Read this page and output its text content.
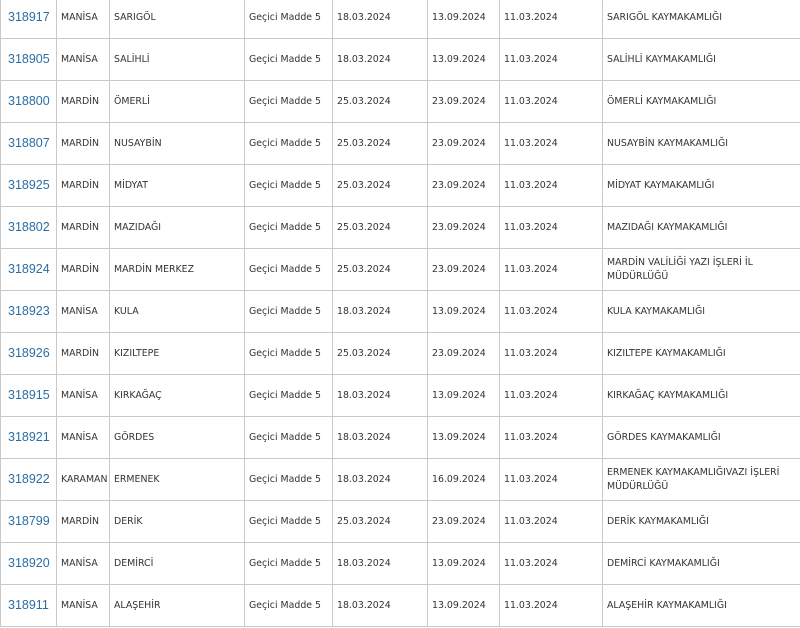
318917	MANİSA	SARIGÖL	Geçici Madde 5	18.03.2024	13.09.2024	11.03.2024	SARIGÖL KAYMAKAMLIĞI
318905	MANİSA	SALİHLİ	Geçici Madde 5	18.03.2024	13.09.2024	11.03.2024	SALİHLİ KAYMAKAMLIĞI
318800	MARDİN	ÖMERLİ	Geçici Madde 5	25.03.2024	23.09.2024	11.03.2024	ÖMERLİ KAYMAKAMLIĞI
318807	MARDİN	NUSAYBİN	Geçici Madde 5	25.03.2024	23.09.2024	11.03.2024	NUSAYBİN KAYMAKAMLIĞI
318925	MARDİN	MİDYAT	Geçici Madde 5	25.03.2024	23.09.2024	11.03.2024	MİDYAT KAYMAKAMLIĞI
318802	MARDİN	MAZIDAĞI	Geçici Madde 5	25.03.2024	23.09.2024	11.03.2024	MAZIDAĞI KAYMAKAMLIĞI
318924	MARDİN	MARDİN MERKEZ	Geçici Madde 5	25.03.2024	23.09.2024	11.03.2024	MARDİN VALİLİĞİ YAZI İŞLERİ İL MÜDÜRLÜĞÜ
318923	MANİSA	KULA	Geçici Madde 5	18.03.2024	13.09.2024	11.03.2024	KULA KAYMAKAMLIĞI
318926	MARDİN	KIZILTEPE	Geçici Madde 5	25.03.2024	23.09.2024	11.03.2024	KIZILTEPE KAYMAKAMLIĞI
318915	MANİSA	KIRKAĞAÇ	Geçici Madde 5	18.03.2024	13.09.2024	11.03.2024	KIRKAĞAÇ KAYMAKAMLIĞI
318921	MANİSA	GÖRDES	Geçici Madde 5	18.03.2024	13.09.2024	11.03.2024	GÖRDES KAYMAKAMLIĞI
318922	KARAMAN	ERMENEK	Geçici Madde 5	18.03.2024	16.09.2024	11.03.2024	ERMENEK KAYMAKAMLIĞIVAZI İŞLERİ MÜDÜRLÜĞÜ
318799	MARDİN	DERİK	Geçici Madde 5	25.03.2024	23.09.2024	11.03.2024	DERİK KAYMAKAMLIĞI
318920	MANİSA	DEMİRCİ	Geçici Madde 5	18.03.2024	13.09.2024	11.03.2024	DEMİRCİ KAYMAKAMLIĞI
318911	MANİSA	ALAŞEHİR	Geçici Madde 5	18.03.2024	13.09.2024	11.03.2024	ALAŞEHİR KAYMAKAMLIĞI
